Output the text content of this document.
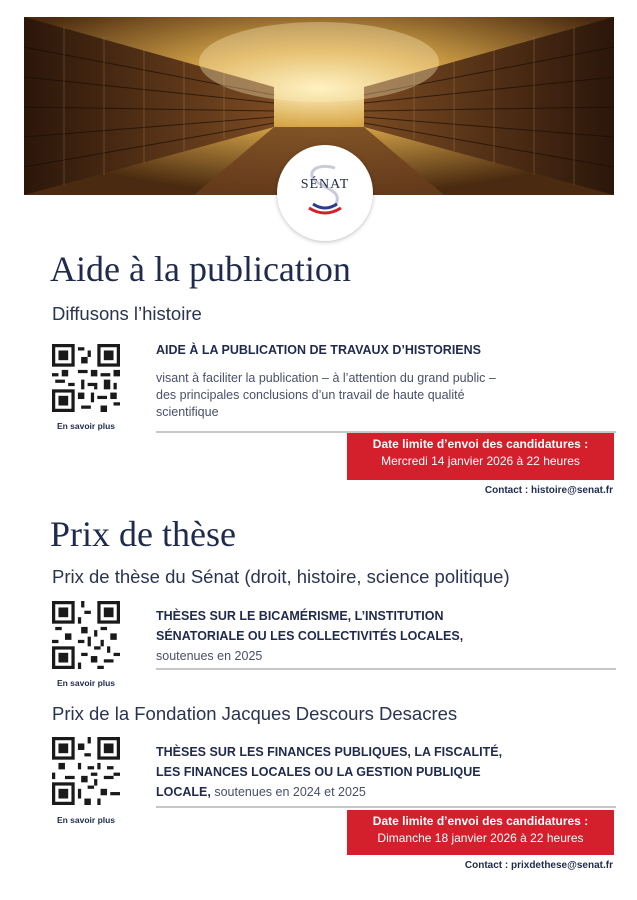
SÉNAT
Aide à la publication
Diffusons l’histoire
En savoir plus
AIDE À LA PUBLICATION DE TRAVAUX D’HISTORIENS
visant à faciliter la publication – à l’attention du grand public –
des principales conclusions d’un travail de haute qualité
scientifique
Date limite d’envoi des candidatures :
Mercredi 14 janvier 2026 à 22 heures
Contact : histoire@senat.fr
Prix de thèse
Prix de thèse du Sénat (droit, histoire, science politique)
En savoir plus
THÈSES SUR LE BICAMÉRISME, L’INSTITUTION
SÉNATORIALE OU LES COLLECTIVITÉS LOCALES,
soutenues en 2025
Prix de la Fondation Jacques Descours Desacres
En savoir plus
THÈSES SUR LES FINANCES PUBLIQUES, LA FISCALITÉ,
LES FINANCES LOCALES OU LA GESTION PUBLIQUE
LOCALE, soutenues en 2024 et 2025
Date limite d’envoi des candidatures :
Dimanche 18 janvier 2026 à 22 heures
Contact : prixdethese@senat.fr
